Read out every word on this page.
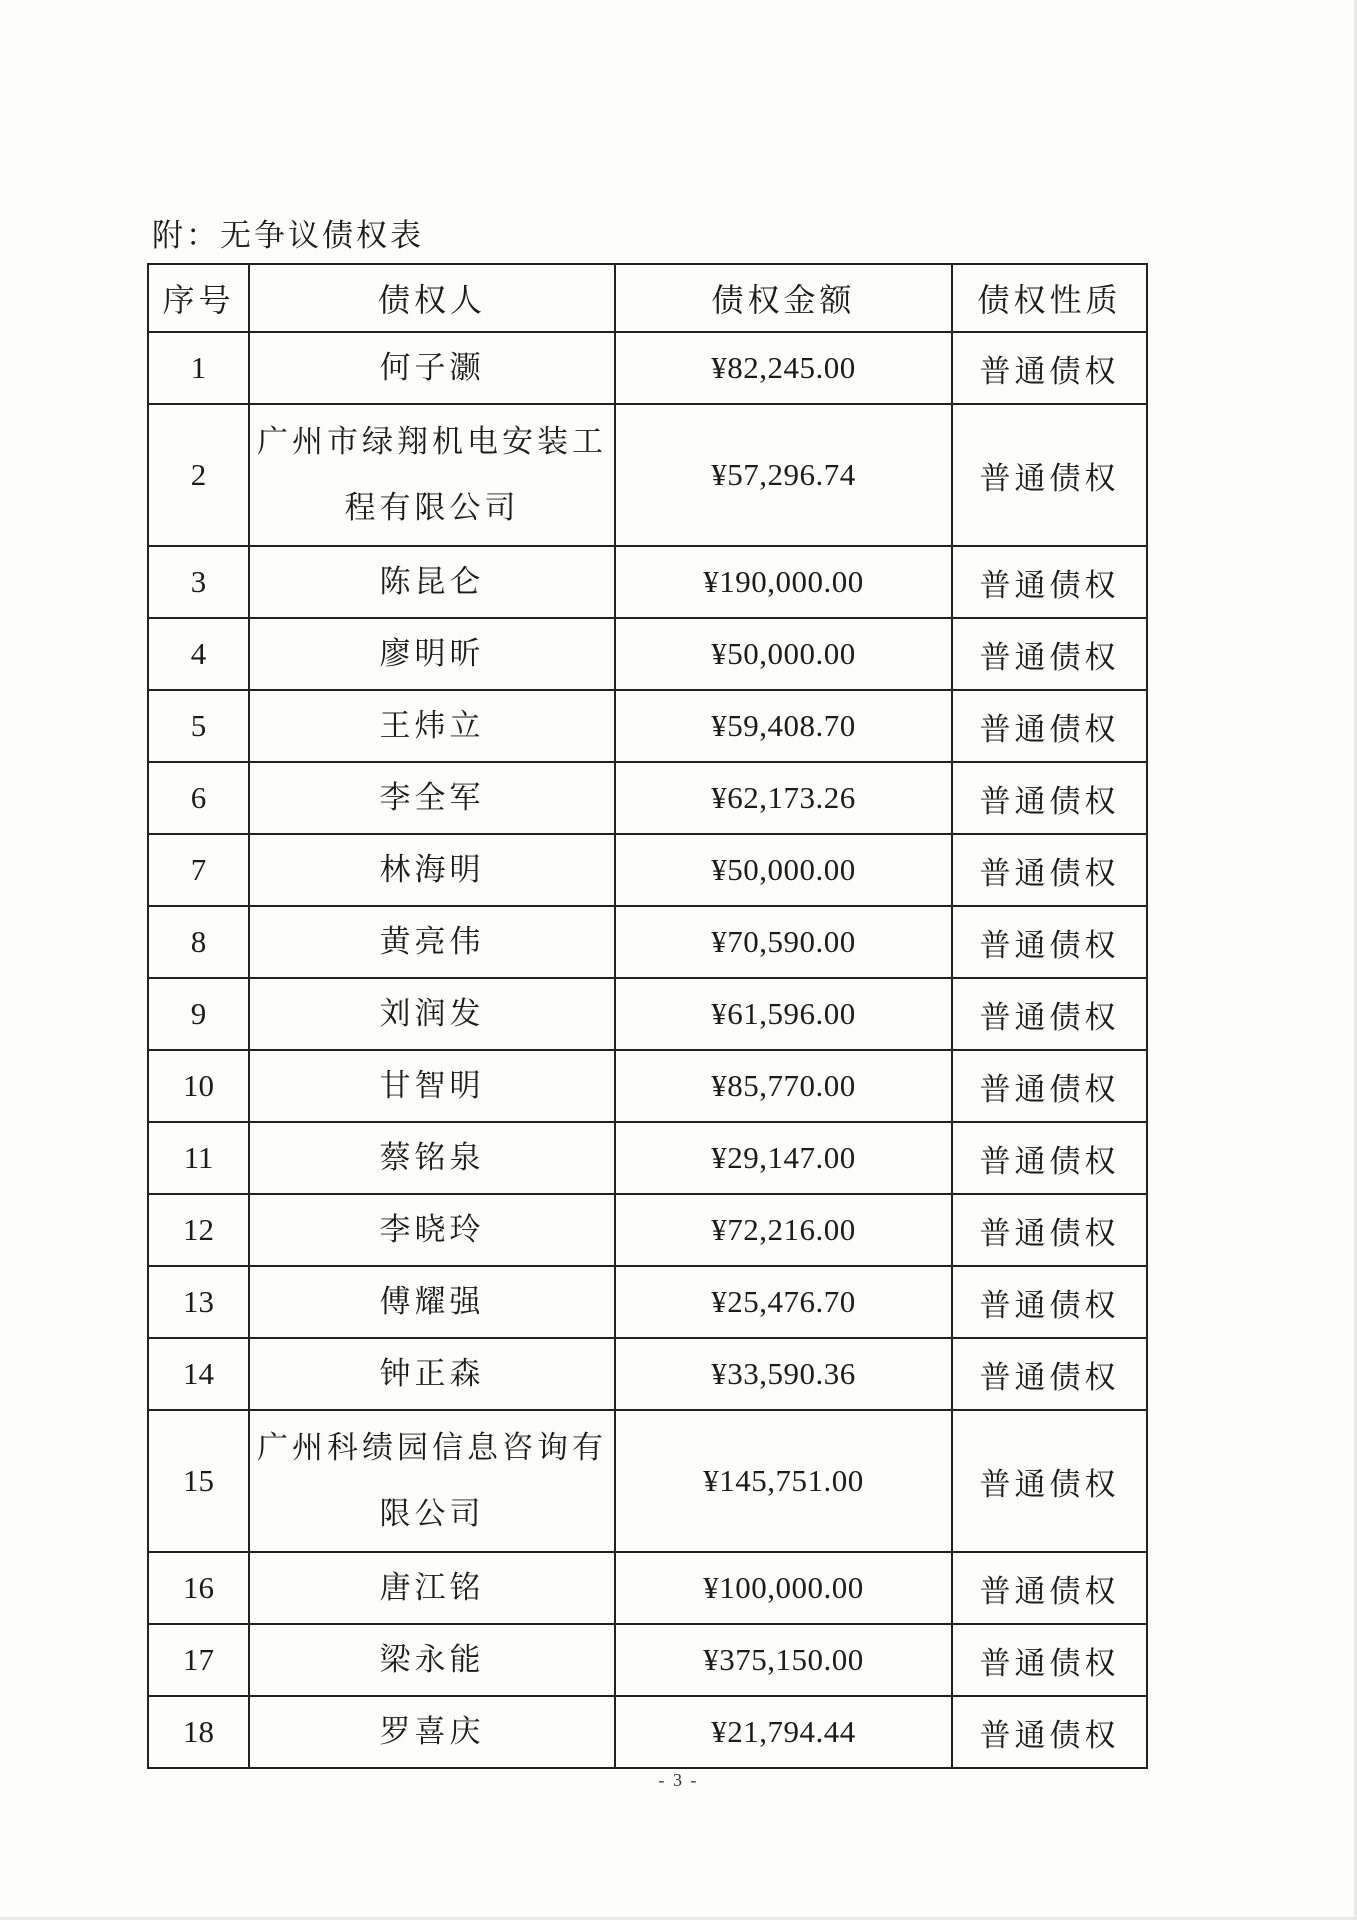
附：无争议债权表
序号	债权人	债权金额	债权性质
1	何子灏	¥82,245.00	普通债权
2	广州市绿翔机电安装工程有限公司	¥57,296.74	普通债权
3	陈昆仑	¥190,000.00	普通债权
4	廖明昕	¥50,000.00	普通债权
5	王炜立	¥59,408.70	普通债权
6	李全军	¥62,173.26	普通债权
7	林海明	¥50,000.00	普通债权
8	黄亮伟	¥70,590.00	普通债权
9	刘润发	¥61,596.00	普通债权
10	甘智明	¥85,770.00	普通债权
11	蔡铭泉	¥29,147.00	普通债权
12	李晓玲	¥72,216.00	普通债权
13	傅耀强	¥25,476.70	普通债权
14	钟正森	¥33,590.36	普通债权
15	广州科绩园信息咨询有限公司	¥145,751.00	普通债权
16	唐江铭	¥100,000.00	普通债权
17	梁永能	¥375,150.00	普通债权
18	罗喜庆	¥21,794.44	普通债权
- 3 -
